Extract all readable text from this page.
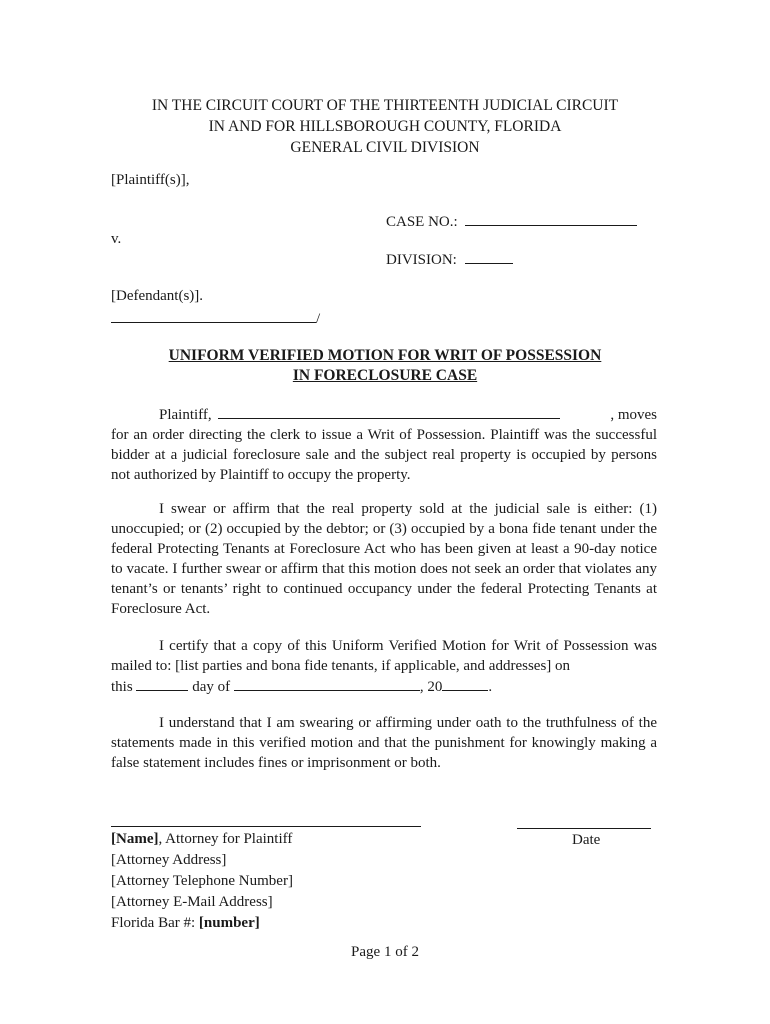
IN THE CIRCUIT COURT OF THE THIRTEENTH JUDICIAL CIRCUIT
IN AND FOR HILLSBOROUGH COUNTY, FLORIDA
GENERAL CIVIL DIVISION
[Plaintiff(s)],
CASE NO.:
v.
DIVISION:
[Defendant(s)].
/
UNIFORM VERIFIED MOTION FOR WRIT OF POSSESSION
IN FORECLOSURE CASE
Plaintiff,	, moves
for an order directing the clerk to issue a Writ of Possession. Plaintiff was the successful bidder at a judicial foreclosure sale and the subject real property is occupied by persons not authorized by Plaintiff to occupy the property.

I swear or affirm that the real property sold at the judicial sale is either: (1) unoccupied; or (2) occupied by the debtor; or (3) occupied by a bona fide tenant under the federal Protecting Tenants at Foreclosure Act who has been given at least a 90-day notice to vacate. I further swear or affirm that this motion does not seek an order that violates any tenant’s or tenants’ right to continued occupancy under the federal Protecting Tenants at Foreclosure Act.

I certify that a copy of this Uniform Verified Motion for Writ of Possession was mailed to: [list parties and bona fide tenants, if applicable, and addresses] on

this	day of	, 20	.

I understand that I am swearing or affirming under oath to the truthfulness of the statements made in this verified motion and that the punishment for knowingly making a false statement includes fines or imprisonment or both.

Date
[Name], Attorney for Plaintiff
[Attorney Address]
[Attorney Telephone Number]
[Attorney E-Mail Address]
Florida Bar #: [number]
Page 1 of 2
